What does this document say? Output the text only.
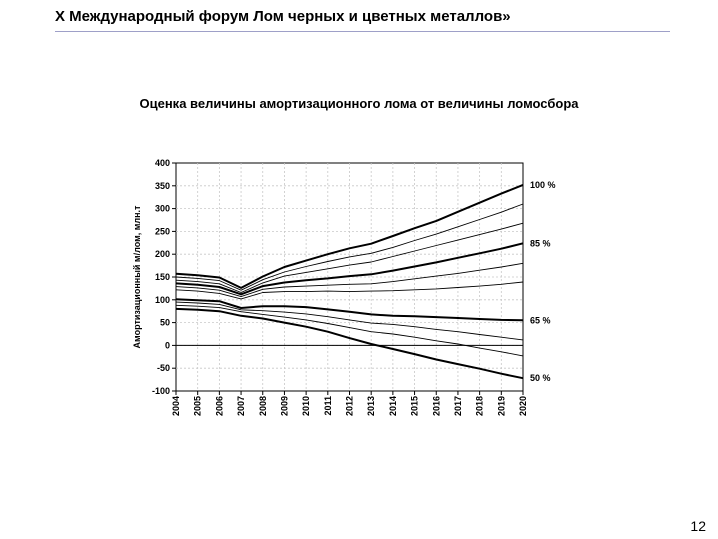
X Международный форум Лом черных и цветных металлов»
Оценка величины амортизационного лома от величины ломосбора
-100
-50
0
50
100
150
200
250
300
350
400
2004 2005 2006 2007 2008 2009 2010 2011 2012 2013 2014 2015 2016 2017 2018 2019 2020
Амортизационный м/лом, млн.т
100 %
85 %
65 %
50 %
12
